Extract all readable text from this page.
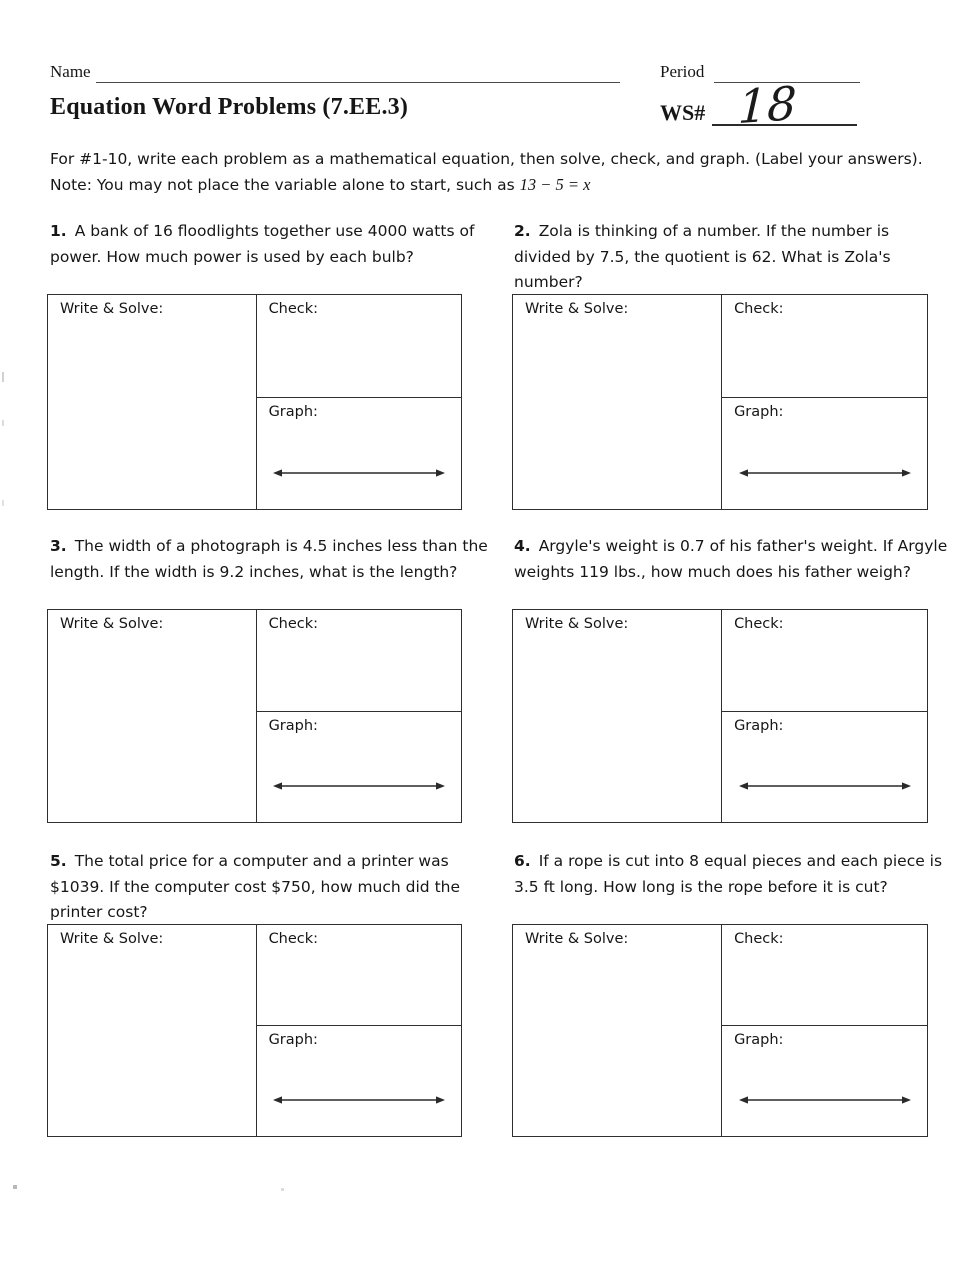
Name	Period
Equation Word Problems (7.EE.3)	WS# 18
For #1-10, write each problem as a mathematical equation, then solve, check, and graph. (Label your answers).
Note: You may not place the variable alone to start, such as 13 − 5 = x

1. A bank of 16 floodlights together use 4000 watts of power. How much power is used by each bulb?

Write & Solve:	Check:
Graph:

2. Zola is thinking of a number. If the number is divided by 7.5, the quotient is 62. What is Zola's number?

Write & Solve:	Check:
Graph:

3. The width of a photograph is 4.5 inches less than the length. If the width is 9.2 inches, what is the length?

Write & Solve:	Check:
Graph:

4. Argyle's weight is 0.7 of his father's weight. If Argyle weights 119 lbs., how much does his father weigh?

Write & Solve:	Check:
Graph:

5. The total price for a computer and a printer was $1039. If the computer cost $750, how much did the printer cost?

Write & Solve:	Check:
Graph:

6. If a rope is cut into 8 equal pieces and each piece is 3.5 ft long. How long is the rope before it is cut?

Write & Solve:	Check:
Graph:
